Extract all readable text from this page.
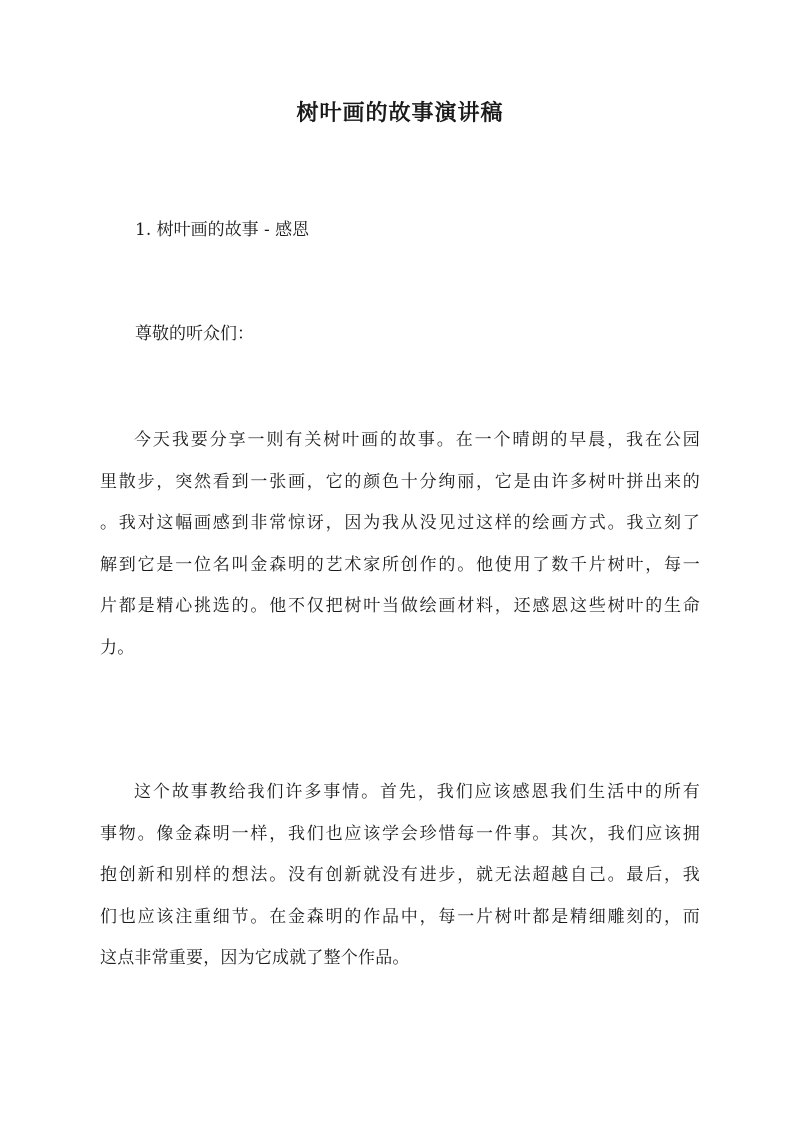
树叶画的故事演讲稿

1. 树叶画的故事 - 感恩

尊敬的听众们：

今天我要分享一则有关树叶画的故事。在一个晴朗的早晨，我在公园
里散步，突然看到一张画，它的颜色十分绚丽，它是由许多树叶拼出来的
。我对这幅画感到非常惊讶，因为我从没见过这样的绘画方式。我立刻了
解到它是一位名叫金森明的艺术家所创作的。他使用了数千片树叶，每一
片都是精心挑选的。他不仅把树叶当做绘画材料，还感恩这些树叶的生命
力。
这个故事教给我们许多事情。首先，我们应该感恩我们生活中的所有
事物。像金森明一样，我们也应该学会珍惜每一件事。其次，我们应该拥
抱创新和别样的想法。没有创新就没有进步，就无法超越自己。最后，我
们也应该注重细节。在金森明的作品中，每一片树叶都是精细雕刻的，而
这点非常重要，因为它成就了整个作品。
